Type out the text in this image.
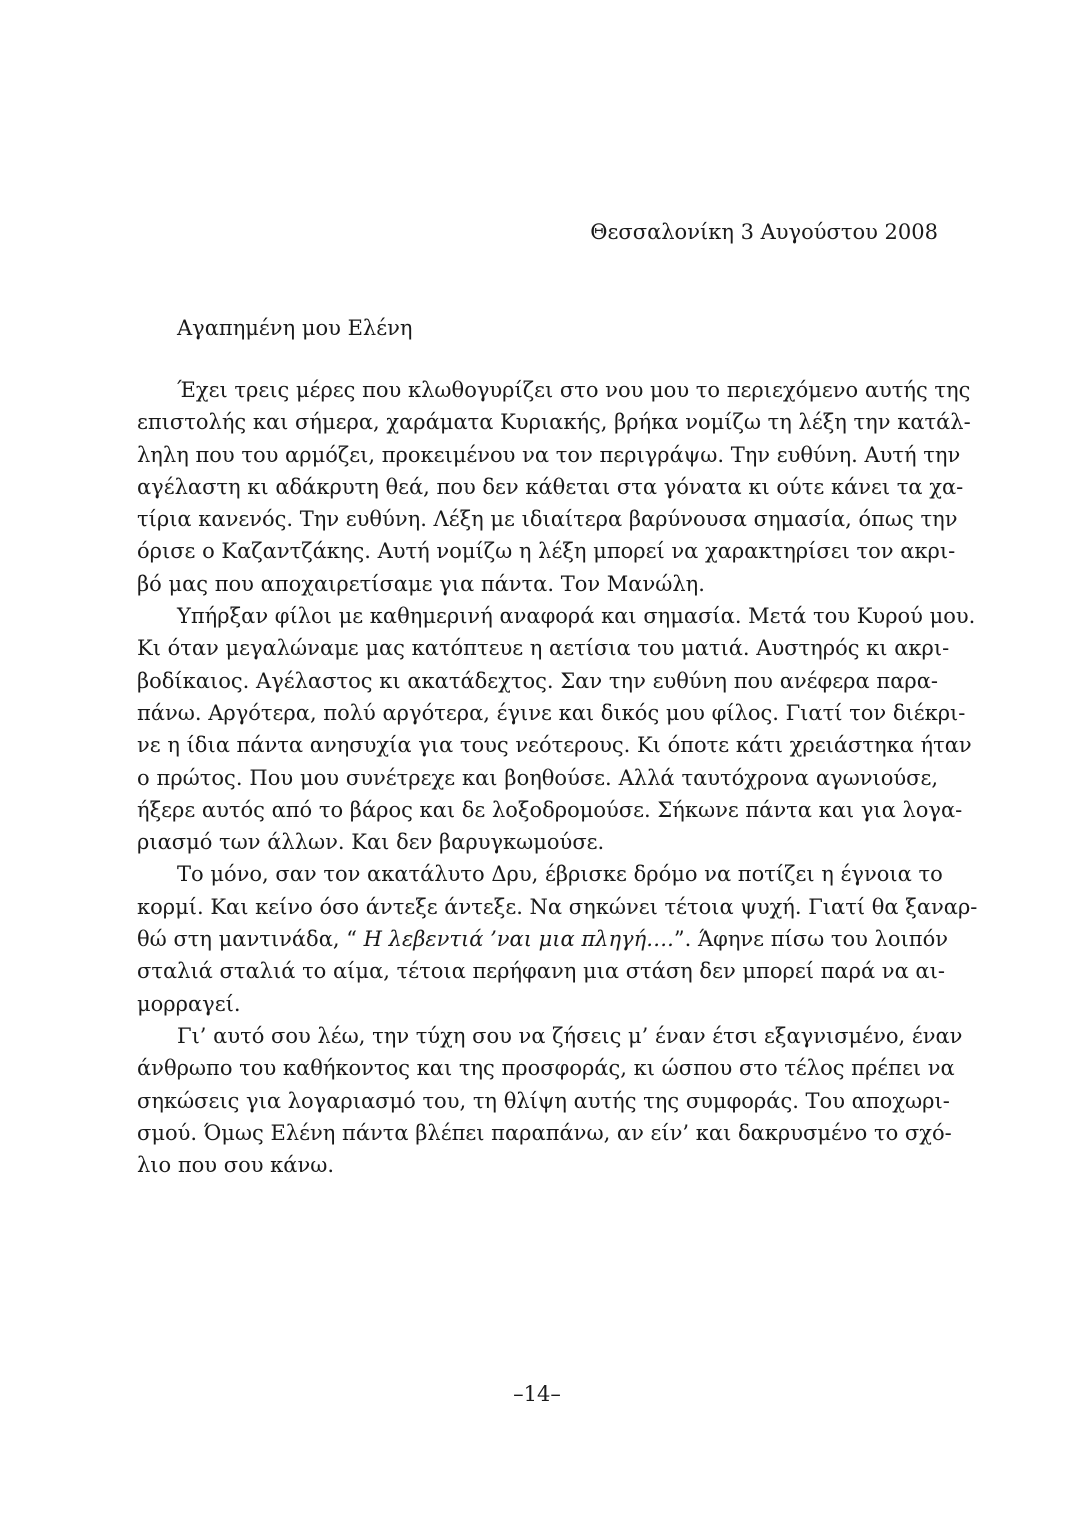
Θεσσαλονίκη 3 Αυγούστου 2008
Αγαπημένη μου Ελένη
Έχει τρεις μέρες που κλωθογυρίζει στο νου μου το περιεχόμενο αυτής της
επιστολής και σήμερα, χαράματα Κυριακής, βρήκα νομίζω τη λέξη την κατάλ-
ληλη που του αρμόζει, προκειμένου να τον περιγράψω. Την ευθύνη. Αυτή την
αγέλαστη κι αδάκρυτη θεά, που δεν κάθεται στα γόνατα κι ούτε κάνει τα χα-
τίρια κανενός. Την ευθύνη. Λέξη με ιδιαίτερα βαρύνουσα σημασία, όπως την
όρισε ο Καζαντζάκης. Αυτή νομίζω η λέξη μπορεί να χαρακτηρίσει τον ακρι-
βό μας που αποχαιρετίσαμε για πάντα. Τον Μανώλη.
Υπήρξαν φίλοι με καθημερινή αναφορά και σημασία. Μετά του Κυρού μου.
Κι όταν μεγαλώναμε μας κατόπτευε η αετίσια του ματιά. Αυστηρός κι ακρι-
βοδίκαιος. Αγέλαστος κι ακατάδεχτος. Σαν την ευθύνη που ανέφερα παρα-
πάνω. Αργότερα, πολύ αργότερα, έγινε και δικός μου φίλος. Γιατί τον διέκρι-
νε η ίδια πάντα ανησυχία για τους νεότερους. Κι όποτε κάτι χρειάστηκα ήταν
ο πρώτος. Που μου συνέτρεχε και βοηθούσε. Αλλά ταυτόχρονα αγωνιούσε,
ήξερε αυτός από το βάρος και δε λοξοδρομούσε. Σήκωνε πάντα και για λογα-
ριασμό των άλλων. Και δεν βαρυγκωμούσε.
Το μόνο, σαν τον ακατάλυτο Δρυ, έβρισκε δρόμο να ποτίζει η έγνοια το
κορμί. Και κείνο όσο άντεξε άντεξε. Να σηκώνει τέτοια ψυχή. Γιατί θα ξαναρ-
θώ στη μαντινάδα, “ Η λεβεντιά ’ναι μια πληγή….”. Άφηνε πίσω του λοιπόν
σταλιά σταλιά το αίμα, τέτοια περήφανη μια στάση δεν μπορεί παρά να αι-
μορραγεί.
Γι’ αυτό σου λέω, την τύχη σου να ζήσεις μ’ έναν έτσι εξαγνισμένο, έναν
άνθρωπο του καθήκοντος και της προσφοράς, κι ώσπου στο τέλος πρέπει να
σηκώσεις για λογαριασμό του, τη θλίψη αυτής της συμφοράς. Του αποχωρι-
σμού. Όμως Ελένη πάντα βλέπει παραπάνω, αν είν’ και δακρυσμένο το σχό-
λιο που σου κάνω.
–14–
